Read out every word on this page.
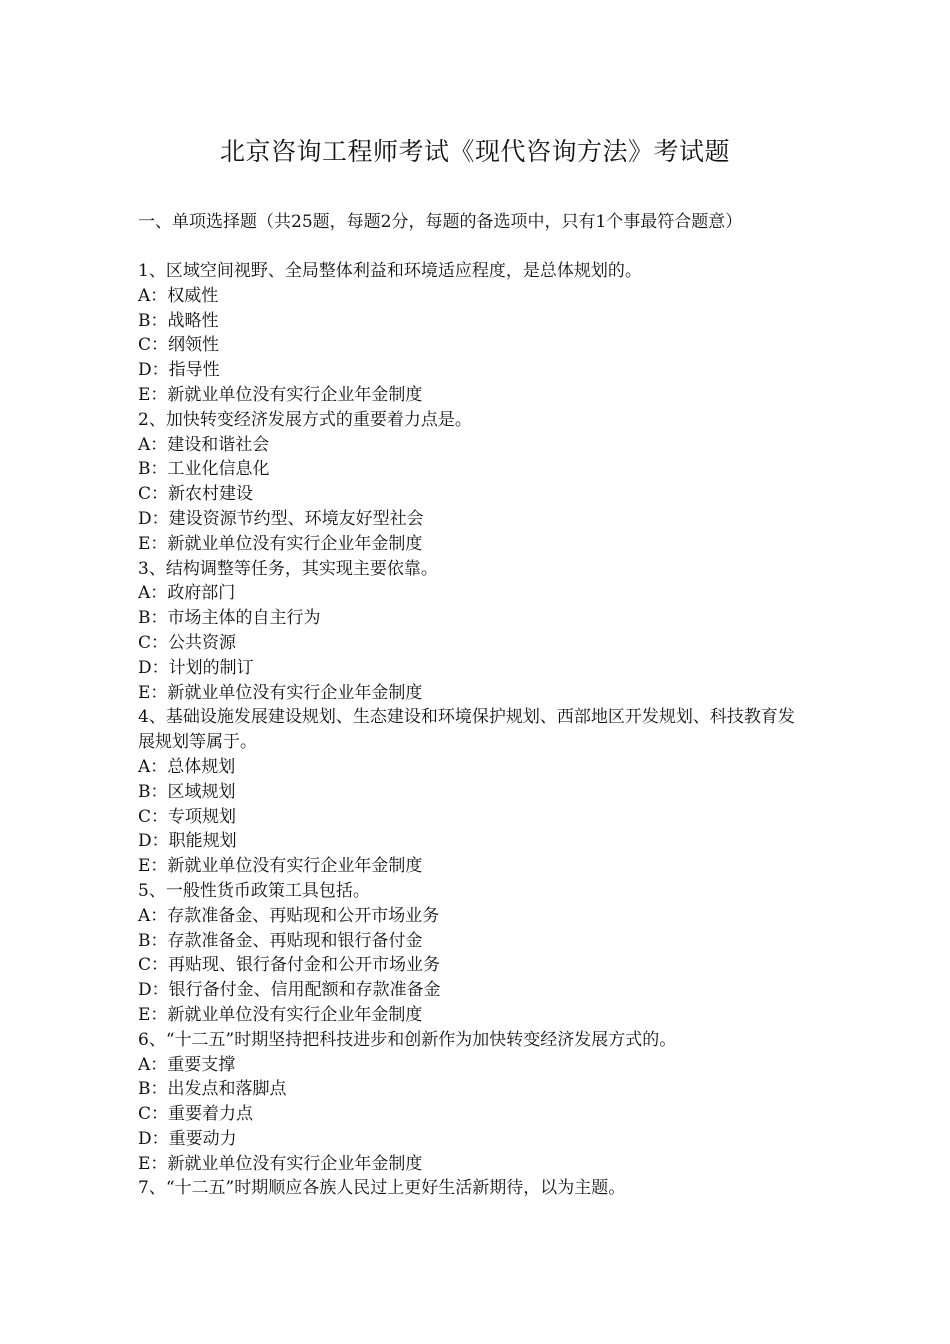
北京咨询工程师考试《现代咨询方法》考试题
一、单项选择题（共25题，每题2分，每题的备选项中，只有1个事最符合题意）
1、区域空间视野、全局整体利益和环境适应程度，是总体规划的。
A：权威性
B：战略性
C：纲领性
D：指导性
E：新就业单位没有实行企业年金制度
2、加快转变经济发展方式的重要着力点是。
A：建设和谐社会
B：工业化信息化
C：新农村建设
D：建设资源节约型、环境友好型社会
E：新就业单位没有实行企业年金制度
3、结构调整等任务，其实现主要依靠。
A：政府部门
B：市场主体的自主行为
C：公共资源
D：计划的制订
E：新就业单位没有实行企业年金制度
4、基础设施发展建设规划、生态建设和环境保护规划、西部地区开发规划、科技教育发展规划等属于。
A：总体规划
B：区域规划
C：专项规划
D：职能规划
E：新就业单位没有实行企业年金制度
5、一般性货币政策工具包括。
A：存款准备金、再贴现和公开市场业务
B：存款准备金、再贴现和银行备付金
C：再贴现、银行备付金和公开市场业务
D：银行备付金、信用配额和存款准备金
E：新就业单位没有实行企业年金制度
6、“十二五”时期坚持把科技进步和创新作为加快转变经济发展方式的。
A：重要支撑
B：出发点和落脚点
C：重要着力点
D：重要动力
E：新就业单位没有实行企业年金制度
7、“十二五”时期顺应各族人民过上更好生活新期待，以为主题。
